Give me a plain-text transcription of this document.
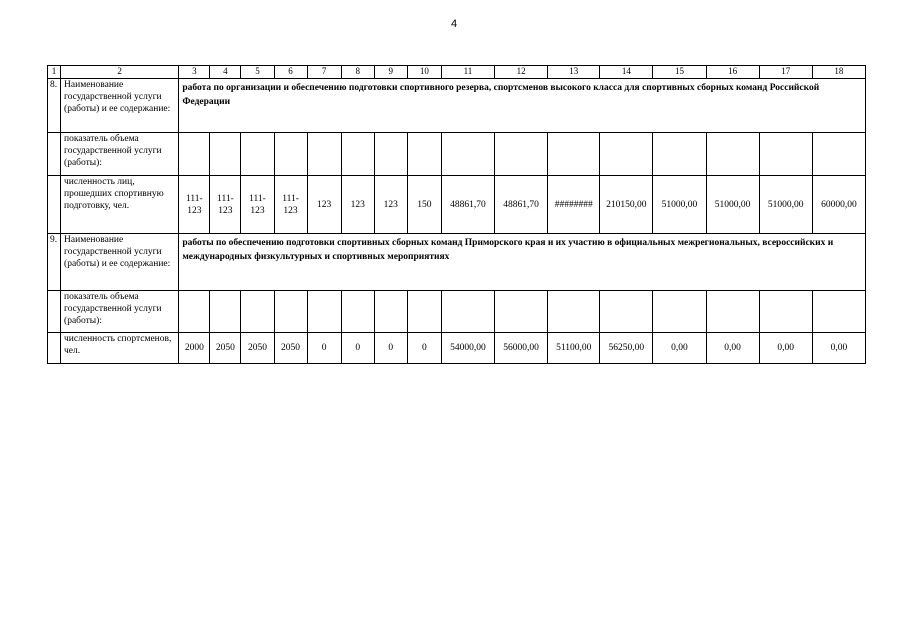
4
1	2	3	4	5	6	7	8	9	10	11	12	13	14	15	16	17	18
8.	Наименование государственной услуги (работы) и ее содержание:	работа по организации и обеспечению подготовки спортивного резерва, спортсменов высокого класса для спортивных сборных команд Российской Федерации															
	показатель объема государственной услуги (работы):																
	численность лиц, прошедших спортивную подготовку, чел.	111-123	111-123	111-123	111-123	123	123	123	150	48861,70	48861,70	########	210150,00	51000,00	51000,00	51000,00	60000,00
9.	Наименование государственной услуги (работы) и ее содержание:	работы по обеспечению подготовки спортивных сборных команд Приморского края и их участию в официальных межрегиональных, всероссийских и международных физкультурных и спортивных мероприятиях															
	показатель объема государственной услуги (работы):																
	численность спортсменов, чел.	2000	2050	2050	2050	0	0	0	0	54000,00	56000,00	51100,00	56250,00	0,00	0,00	0,00	0,00
